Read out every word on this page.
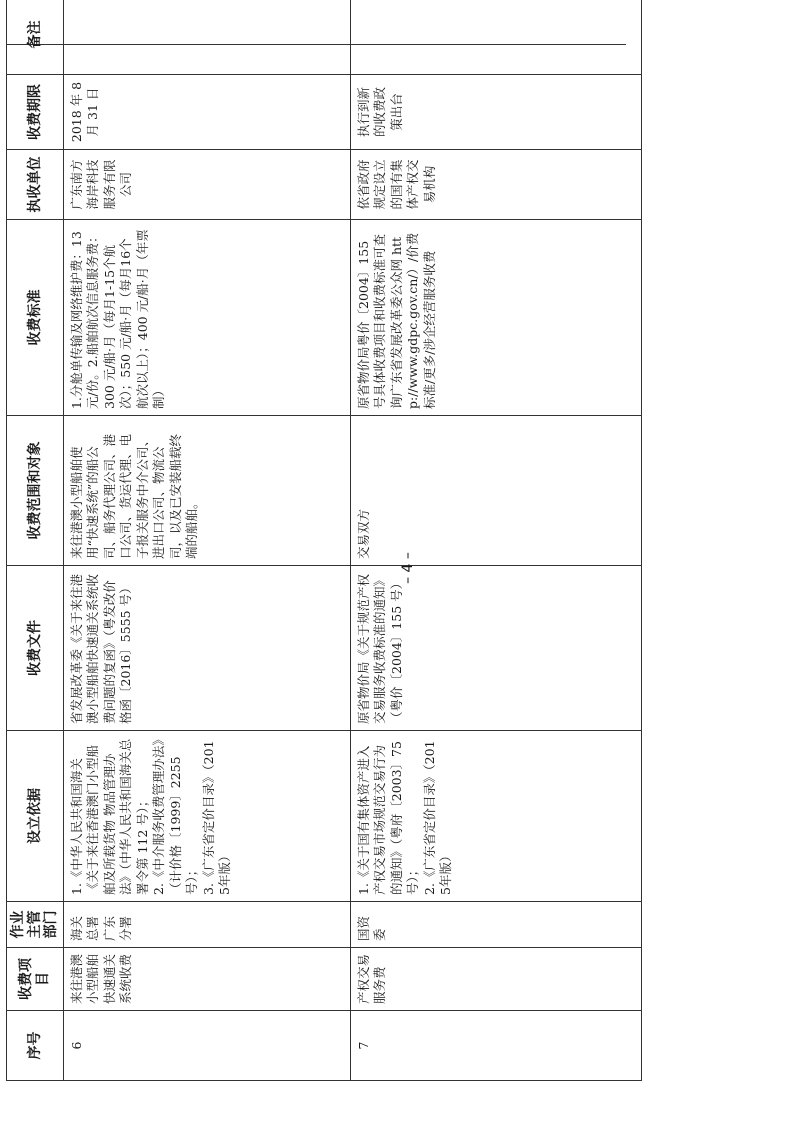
序号	收费项目	作业主管部门	设立依据	收费文件	收费范围和对象	收费标准	执收单位	收费期限	备注
6	来往港澳小型船舶快速通关系统收费	海关总署广东分署	1.《中华人民共和国海关《关于来往香港澳门小型船舶及所载货物 物品管理办法》（中华人民共和国海关总署令第 112 号）； 2.《中介服务收费管理办法》（计价格〔1999〕2255 号）； 3.《广东省定价目录》（2015年版）	省发展改革委《关于来往港澳小型船舶快速通关系统收费问题的复函》（粤发改价格函〔2016〕5555 号）	来往港澳小型船舶使用“快速系统”的船公司、船务代理公司、港口公司、货运代理、电子报关服务中介公司、进出口公司、物流公司，以及已安装船载终端的船舶。	1.分舱单传输及网络维护费：13 元/份。2.船舶航次信息服务费：300 元/船·月（每月1-15个航次）；550 元/船·月（每月16个航次以上）；400 元/船·月（年票制）	广东南方海岸科技服务有限公司	2018 年 8 月 31 日	
7	产权交易服务费	国资委	1.《关于国有集体资产进入产权交易市场规范交易行为的通知》（粤府〔2003〕75 号）； 2.《广东省定价目录》（2015年版）	原省物价局《关于规范产权交易服务收费标准的通知》（粤价〔2004〕155 号）	交易双方	原省物价局粤价〔2004〕155 号具体收费项目和收费标准可查询广东省发展改革委公众网 http://www.gdpc.gov.cn/）/价费标准/更多/涉企经营服务收费	依省政府规定设立的国有集体产权交易机构	执行到新的收费政策出台	
– 4 –
